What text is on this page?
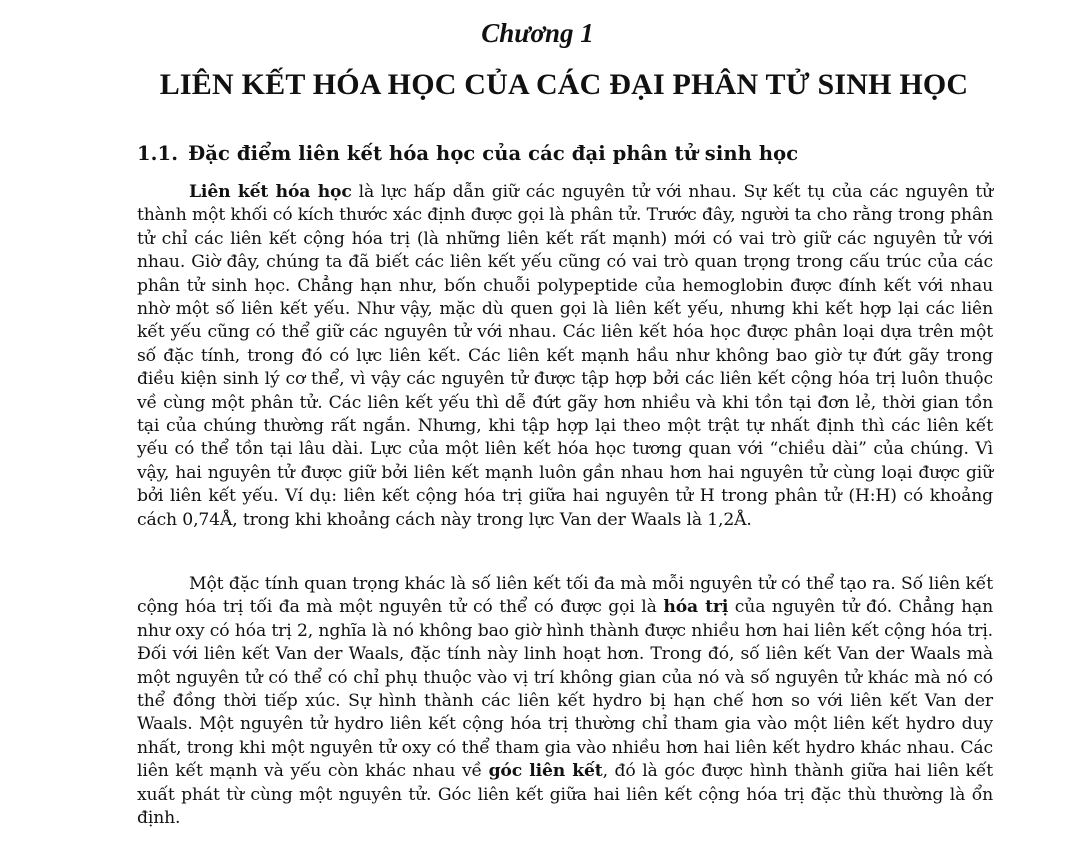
Chương 1
LIÊN KẾT HÓA HỌC CỦA CÁC ĐẠI PHÂN TỬ SINH HỌC
1.1. Đặc điểm liên kết hóa học của các đại phân tử sinh học

Liên kết hóa học là lực hấp dẫn giữ các nguyên tử với nhau. Sự kết tụ của các nguyên tử thành một khối có kích thước xác định được gọi là phân tử. Trước đây, người ta cho rằng trong phân tử chỉ các liên kết cộng hóa trị (là những liên kết rất mạnh) mới có vai trò giữ các nguyên tử với nhau. Giờ đây, chúng ta đã biết các liên kết yếu cũng có vai trò quan trọng trong cấu trúc của các phân tử sinh học. Chẳng hạn như, bốn chuỗi polypeptide của hemoglobin được đính kết với nhau nhờ một số liên kết yếu. Như vậy, mặc dù quen gọi là liên kết yếu, nhưng khi kết hợp lại các liên kết yếu cũng có thể giữ các nguyên tử với nhau. Các liên kết hóa học được phân loại dựa trên một số đặc tính, trong đó có lực liên kết. Các liên kết mạnh hầu như không bao giờ tự đứt gãy trong điều kiện sinh lý cơ thể, vì vậy các nguyên tử được tập hợp bởi các liên kết cộng hóa trị luôn thuộc về cùng một phân tử. Các liên kết yếu thì dễ đứt gãy hơn nhiều và khi tồn tại đơn lẻ, thời gian tồn tại của chúng thường rất ngắn. Nhưng, khi tập hợp lại theo một trật tự nhất định thì các liên kết yếu có thể tồn tại lâu dài. Lực của một liên kết hóa học tương quan với “chiều dài” của chúng. Vì vậy, hai nguyên tử được giữ bởi liên kết mạnh luôn gần nhau hơn hai nguyên tử cùng loại được giữ bởi liên kết yếu. Ví dụ: liên kết cộng hóa trị giữa hai nguyên tử H trong phân tử (H:H) có khoảng cách 0,74Å, trong khi khoảng cách này trong lực Van der Waals là 1,2Å.

Một đặc tính quan trọng khác là số liên kết tối đa mà mỗi nguyên tử có thể tạo ra. Số liên kết cộng hóa trị tối đa mà một nguyên tử có thể có được gọi là hóa trị của nguyên tử đó. Chẳng hạn như oxy có hóa trị 2, nghĩa là nó không bao giờ hình thành được nhiều hơn hai liên kết cộng hóa trị. Đối với liên kết Van der Waals, đặc tính này linh hoạt hơn. Trong đó, số liên kết Van der Waals mà một nguyên tử có thể có chỉ phụ thuộc vào vị trí không gian của nó và số nguyên tử khác mà nó có thể đồng thời tiếp xúc. Sự hình thành các liên kết hydro bị hạn chế hơn so với liên kết Van der Waals. Một nguyên tử hydro liên kết cộng hóa trị thường chỉ tham gia vào một liên kết hydro duy nhất, trong khi một nguyên tử oxy có thể tham gia vào nhiều hơn hai liên kết hydro khác nhau. Các liên kết mạnh và yếu còn khác nhau về góc liên kết, đó là góc được hình thành giữa hai liên kết xuất phát từ cùng một nguyên tử. Góc liên kết giữa hai liên kết cộng hóa trị đặc thù thường là ổn định.
